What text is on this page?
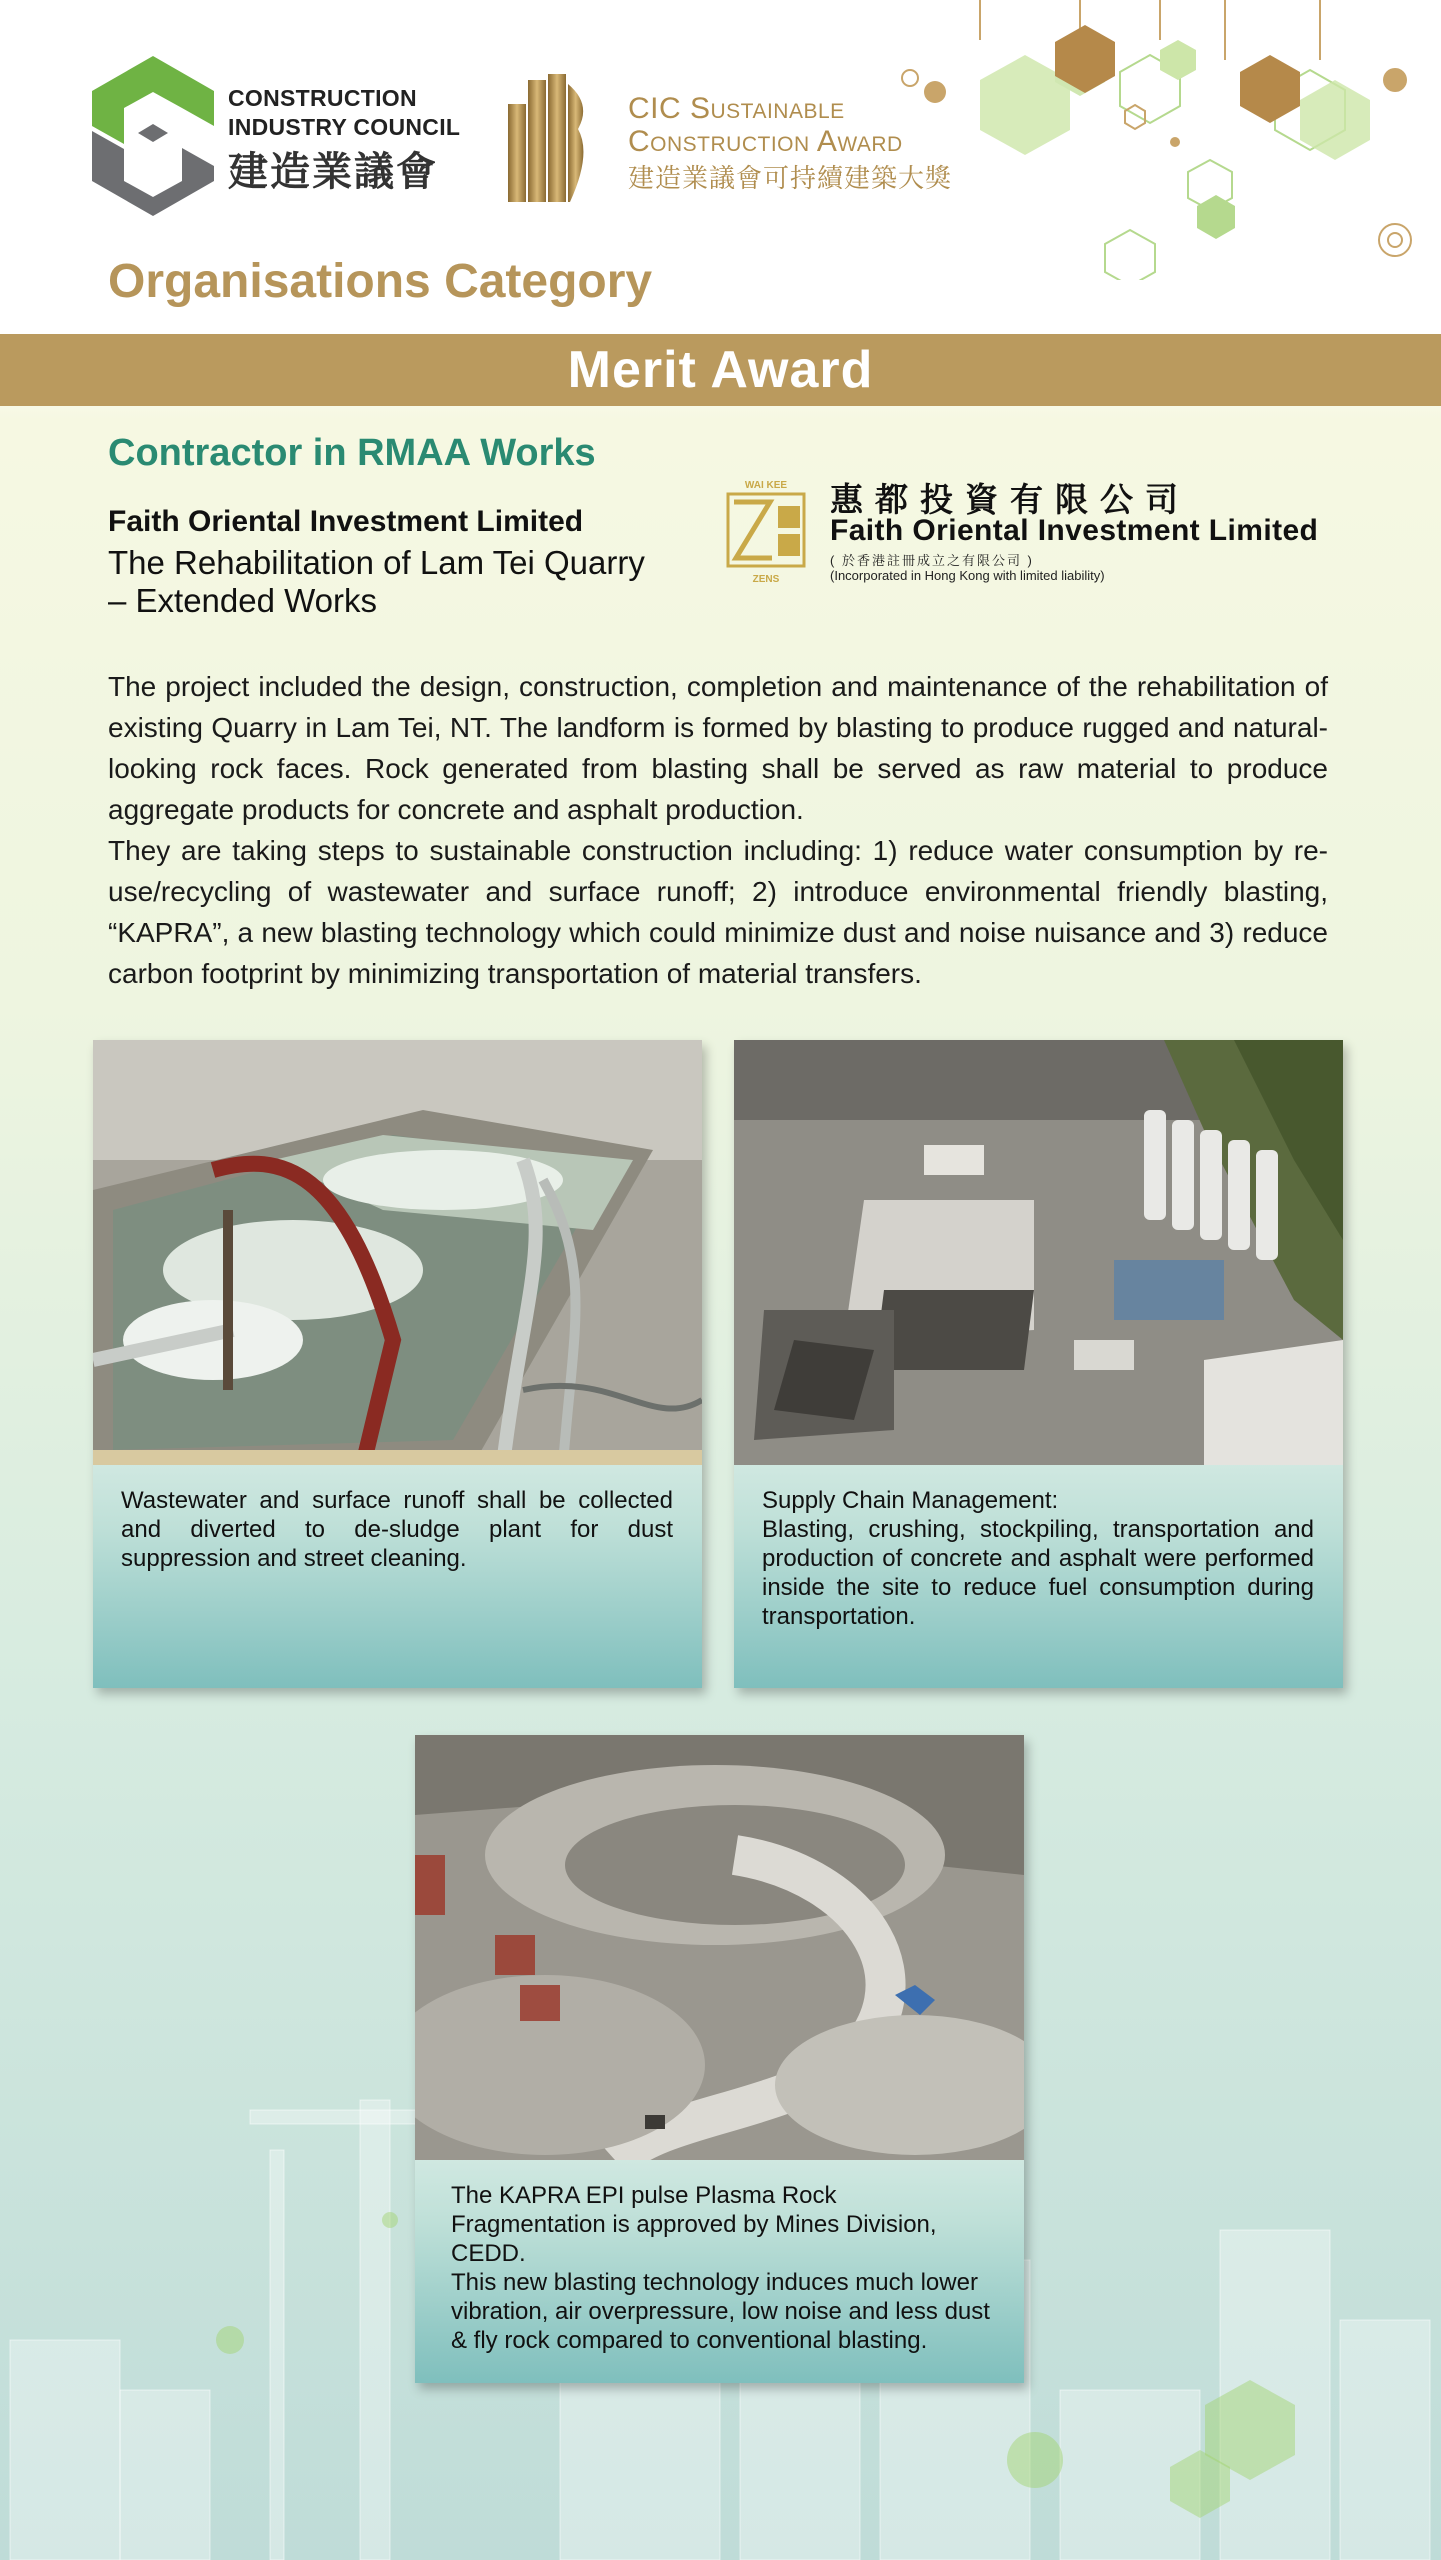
CONSTRUCTION
INDUSTRY COUNCIL
建造業議會
CIC Sustainable
Construction Award
建造業議會可持續建築大獎
Organisations Category
Merit Award
Contractor in RMAA Works
Faith Oriental Investment Limited
The Rehabilitation of Lam Tei Quarry
– Extended Works
WAI KEE
ZENS
惠都投資有限公司
Faith Oriental Investment Limited
( 於香港註冊成立之有限公司 )
(Incorporated in Hong Kong with limited liability)

The project included the design, construction, completion and maintenance of the rehabilitation of existing Quarry in Lam Tei, NT. The landform is formed by blasting to produce rugged and natural-looking rock faces. Rock generated from blasting shall be served as raw material to produce aggregate products for concrete and asphalt production.

They are taking steps to sustainable construction including: 1) reduce water consumption by re-use/recycling of wastewater and surface runoff; 2) introduce environmental friendly blasting, “KAPRA”, a new blasting technology which could minimize dust and noise nuisance and 3) reduce carbon footprint by minimizing transportation of material transfers.

Wastewater and surface runoff shall be collected and diverted to de-sludge plant for dust suppression and street cleaning.
Supply Chain Management:
Blasting, crushing, stockpiling, transportation and production of concrete and asphalt were performed inside the site to reduce fuel consumption during transportation.
The KAPRA EPI pulse Plasma Rock Fragmentation is approved by Mines Division, CEDD.
This new blasting technology induces much lower vibration, air overpressure, low noise and less dust & fly rock compared to conventional blasting.
